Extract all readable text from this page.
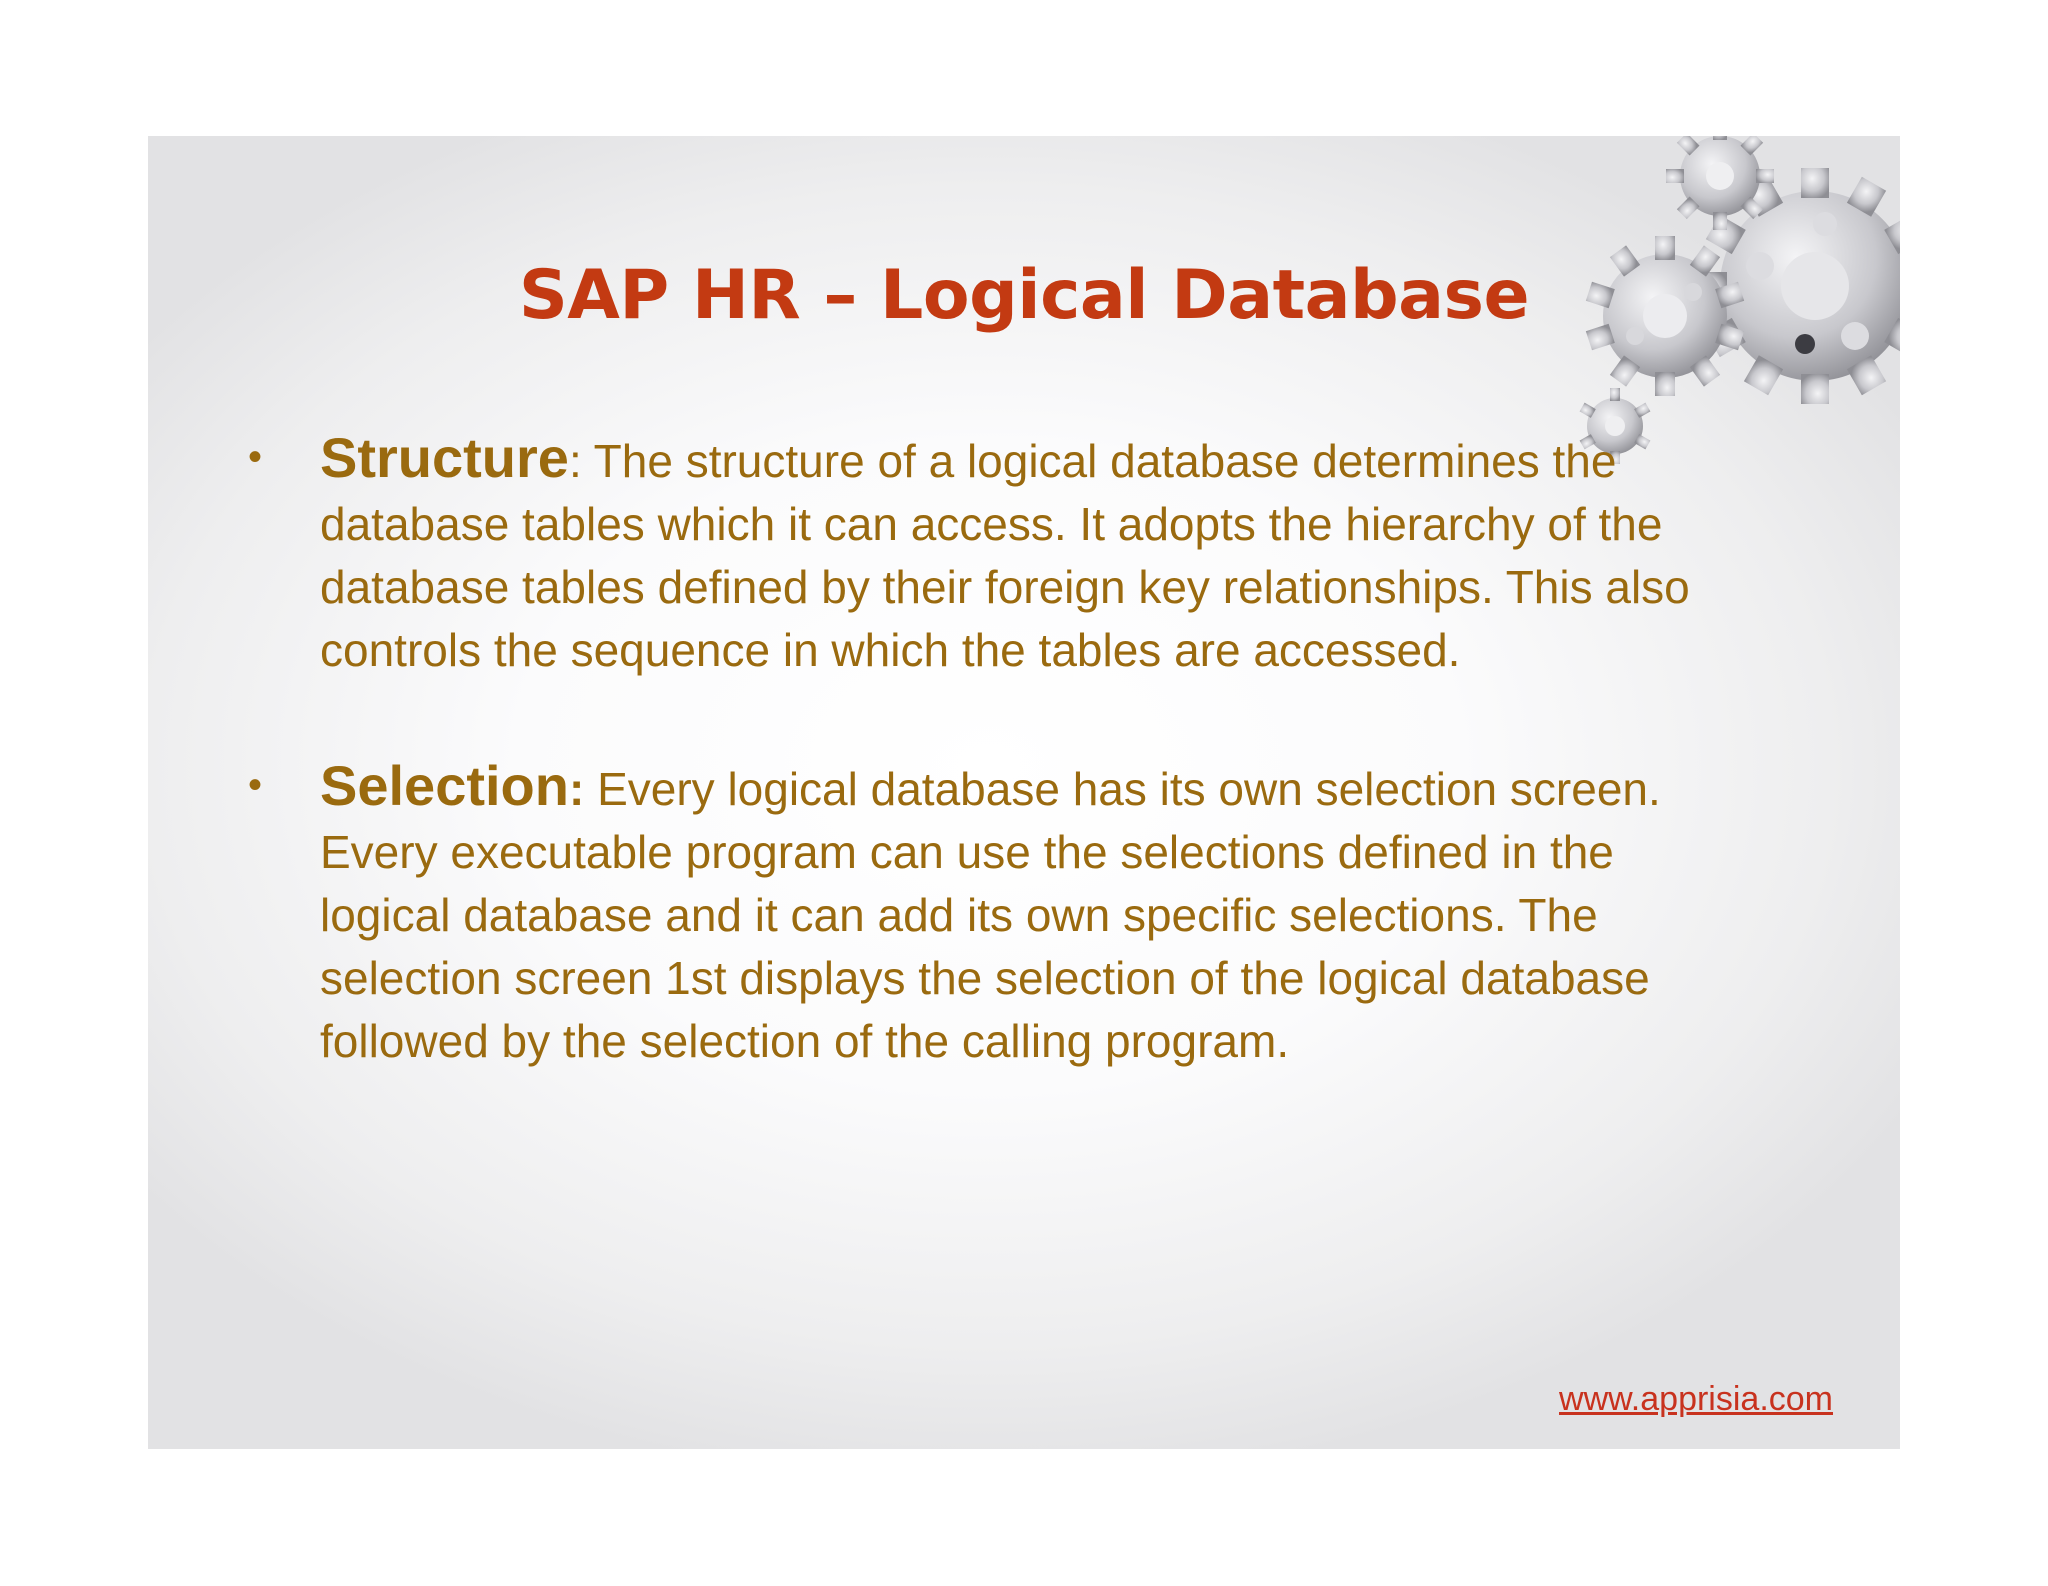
SAP HR – Logical Database
• Structure: The structure of a logical database determines the database tables which it can access. It adopts the hierarchy of the database tables defined by their foreign key relationships. This also controls the sequence in which the tables are accessed.
• Selection: Every logical database has its own selection screen. Every executable program can use the selections defined in the logical database and it can add its own specific selections. The selection screen 1st displays the selection of the logical database followed by the selection of the calling program.
www.apprisia.com
